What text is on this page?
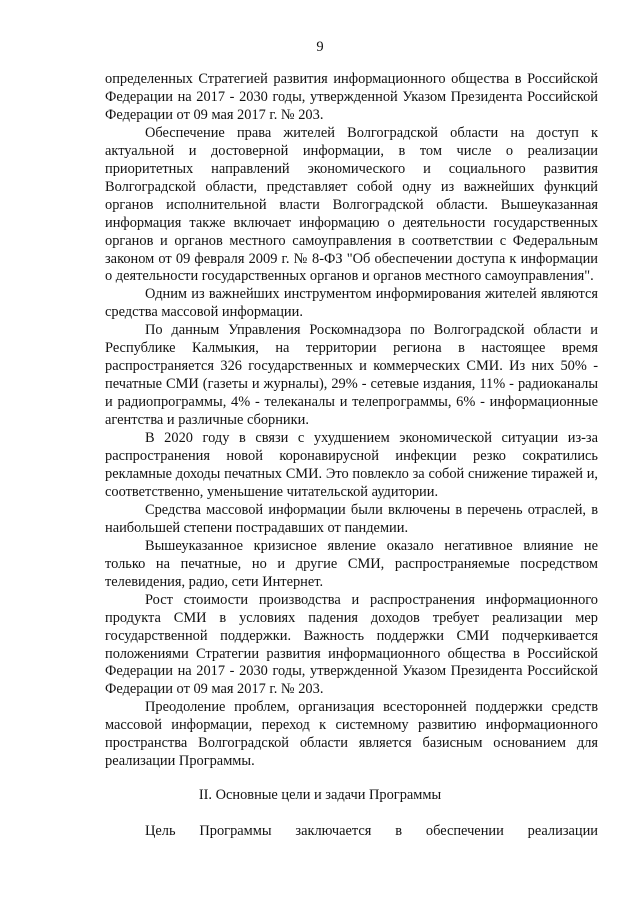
9

определенных Стратегией развития информационного общества в Российской Федерации на 2017 - 2030 годы, утвержденной Указом Президента Российской Федерации от 09 мая 2017 г. № 203.

Обеспечение права жителей Волгоградской области на доступ к актуальной и достоверной информации, в том числе о реализации приоритетных направлений экономического и социального развития Волгоградской области, представляет собой одну из важнейших функций органов исполнительной власти Волгоградской области. Вышеуказанная информация также включает информацию о деятельности государственных органов и органов местного самоуправления в соответствии с Федеральным законом от 09 февраля 2009 г. № 8-ФЗ "Об обеспечении доступа к информации о деятельности государственных органов и органов местного самоуправления".

Одним из важнейших инструментом информирования жителей являются средства массовой информации.

По данным Управления Роскомнадзора по Волгоградской области и Республике Калмыкия, на территории региона в настоящее время распространяется 326 государственных и коммерческих СМИ. Из них 50% - печатные СМИ (газеты и журналы), 29% - сетевые издания, 11% - радиоканалы и радиопрограммы, 4% - телеканалы и телепрограммы, 6% - информационные агентства и различные сборники.

В 2020 году в связи с ухудшением экономической ситуации из-за распространения новой коронавирусной инфекции резко сократились рекламные доходы печатных СМИ. Это повлекло за собой снижение тиражей и, соответственно, уменьшение читательской аудитории.

Средства массовой информации были включены в перечень отраслей, в наибольшей степени пострадавших от пандемии.

Вышеуказанное кризисное явление оказало негативное влияние не только на печатные, но и другие СМИ, распространяемые посредством телевидения, радио, сети Интернет.

Рост стоимости производства и распространения информационного продукта СМИ в условиях падения доходов требует реализации мер государственной поддержки. Важность поддержки СМИ подчеркивается положениями Стратегии развития информационного общества в Российской Федерации на 2017 - 2030 годы, утвержденной Указом Президента Российской Федерации от 09 мая 2017 г. № 203.

Преодоление проблем, организация всесторонней поддержки средств массовой информации, переход к системному развитию информационного пространства Волгоградской области является базисным основанием для реализации Программы.

II. Основные цели и задачи Программы

Цель Программы заключается в обеспечении реализации
